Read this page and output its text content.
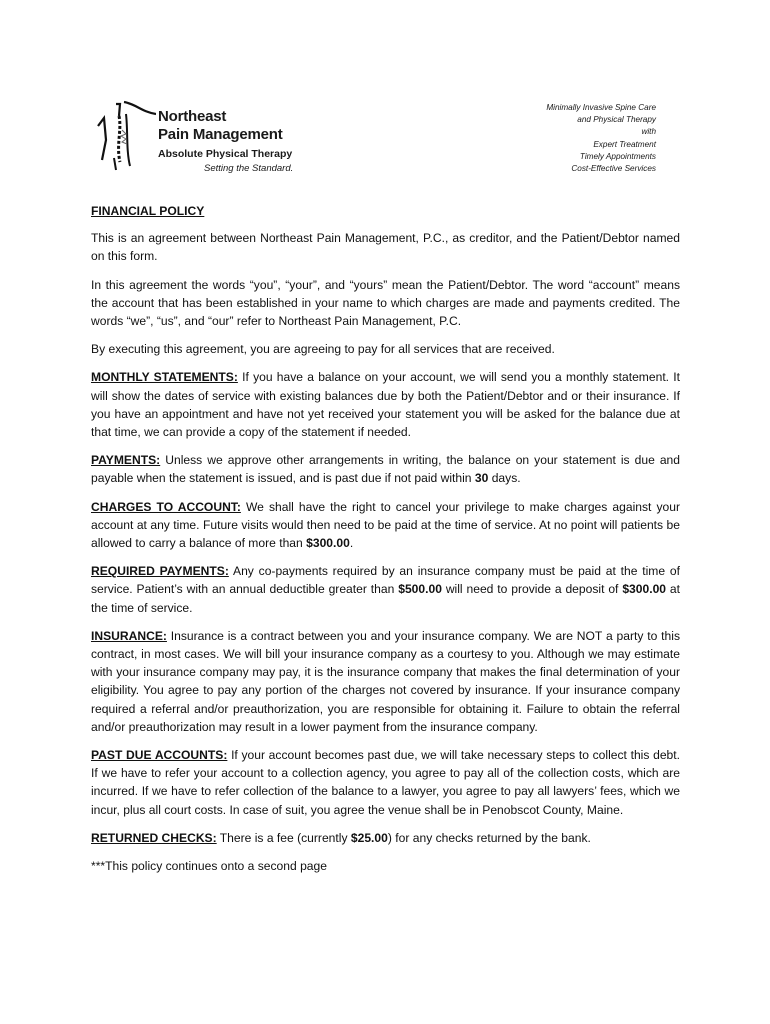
Northeast
Pain Management
Absolute Physical Therapy
Setting the Standard.
Minimally Invasive Spine Care
and Physical Therapy
with
Expert Treatment
Timely Appointments
Cost-Effective Services

FINANCIAL POLICY

This is an agreement between Northeast Pain Management, P.C., as creditor, and the Patient/Debtor named on this form.

In this agreement the words “you”, “your”, and “yours” mean the Patient/Debtor. The word “account” means the account that has been established in your name to which charges are made and payments credited. The words “we”, “us”, and “our” refer to Northeast Pain Management, P.C.

By executing this agreement, you are agreeing to pay for all services that are received.

MONTHLY STATEMENTS: If you have a balance on your account, we will send you a monthly statement. It will show the dates of service with existing balances due by both the Patient/Debtor and or their insurance. If you have an appointment and have not yet received your statement you will be asked for the balance due at that time, we can provide a copy of the statement if needed.

PAYMENTS: Unless we approve other arrangements in writing, the balance on your statement is due and payable when the statement is issued, and is past due if not paid within 30 days.

CHARGES TO ACCOUNT: We shall have the right to cancel your privilege to make charges against your account at any time. Future visits would then need to be paid at the time of service. At no point will patients be allowed to carry a balance of more than $300.00.

REQUIRED PAYMENTS: Any co-payments required by an insurance company must be paid at the time of service. Patient’s with an annual deductible greater than $500.00 will need to provide a deposit of $300.00 at the time of service.

INSURANCE: Insurance is a contract between you and your insurance company. We are NOT a party to this contract, in most cases. We will bill your insurance company as a courtesy to you. Although we may estimate with your insurance company may pay, it is the insurance company that makes the final determination of your eligibility. You agree to pay any portion of the charges not covered by insurance. If your insurance company required a referral and/or preauthorization, you are responsible for obtaining it. Failure to obtain the referral and/or preauthorization may result in a lower payment from the insurance company.

PAST DUE ACCOUNTS: If your account becomes past due, we will take necessary steps to collect this debt. If we have to refer your account to a collection agency, you agree to pay all of the collection costs, which are incurred. If we have to refer collection of the balance to a lawyer, you agree to pay all lawyers’ fees, which we incur, plus all court costs. In case of suit, you agree the venue shall be in Penobscot County, Maine.

RETURNED CHECKS: There is a fee (currently $25.00) for any checks returned by the bank.

***This policy continues onto a second page
